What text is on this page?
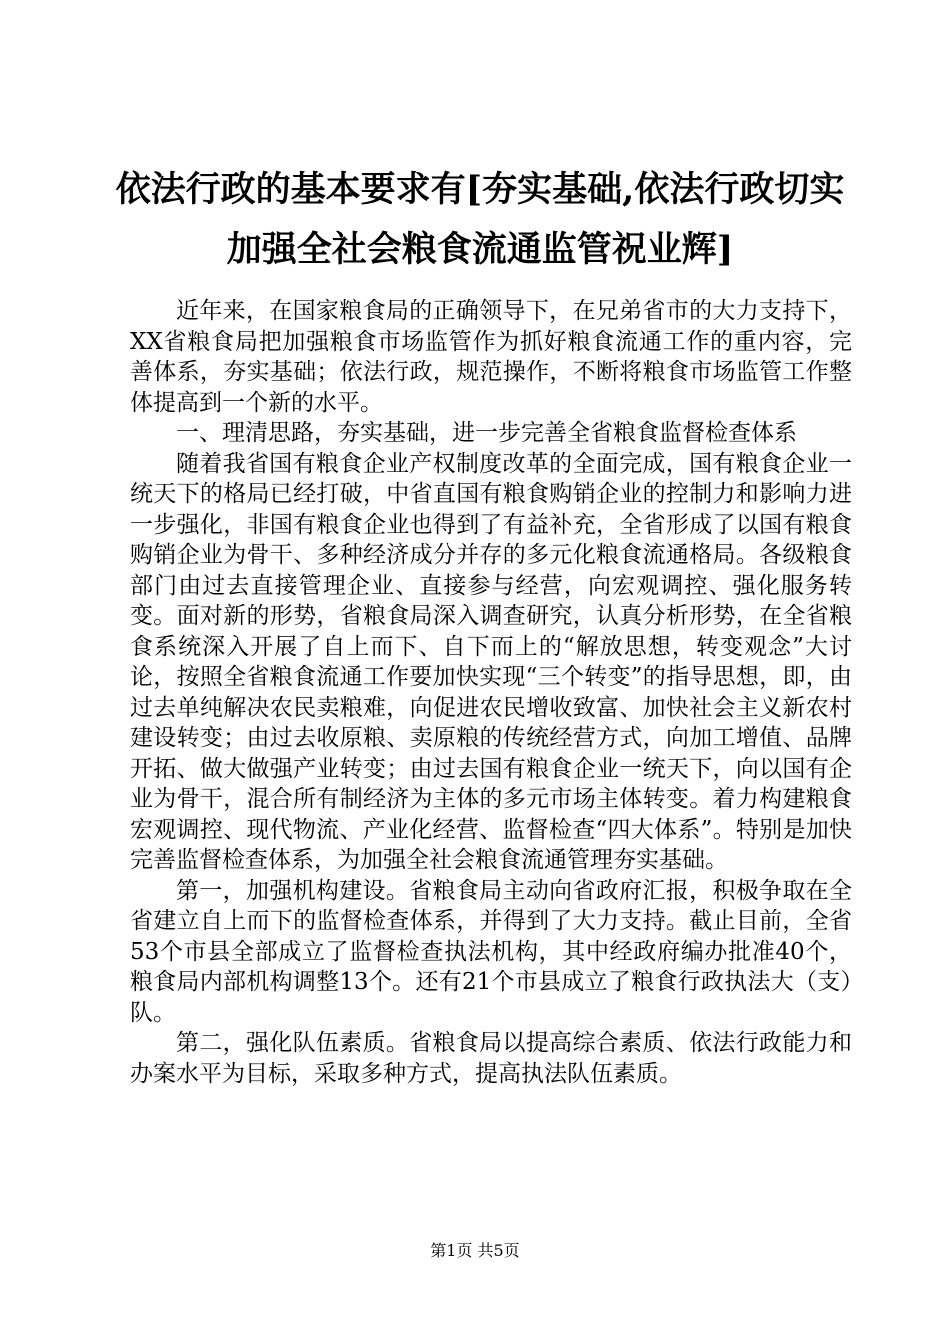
依法行政的基本要求有[夯实基础,依法行政切实加强全社会粮食流通监管祝业辉]

近年来，在国家粮食局的正确领导下，在兄弟省市的大力支持下，XX省粮食局把加强粮食市场监管作为抓好粮食流通工作的重内容，完善体系，夯实基础；依法行政，规范操作，不断将粮食市场监管工作整体提高到一个新的水平。

一、理清思路，夯实基础，进一步完善全省粮食监督检查体系

随着我省国有粮食企业产权制度改革的全面完成，国有粮食企业一统天下的格局已经打破，中省直国有粮食购销企业的控制力和影响力进一步强化，非国有粮食企业也得到了有益补充，全省形成了以国有粮食购销企业为骨干、多种经济成分并存的多元化粮食流通格局。各级粮食部门由过去直接管理企业、直接参与经营，向宏观调控、强化服务转变。面对新的形势，省粮食局深入调查研究，认真分析形势，在全省粮食系统深入开展了自上而下、自下而上的“解放思想，转变观念”大讨论，按照全省粮食流通工作要加快实现“三个转变”的指导思想，即，由过去单纯解决农民卖粮难，向促进农民增收致富、加快社会主义新农村建设转变；由过去收原粮、卖原粮的传统经营方式，向加工增值、品牌开拓、做大做强产业转变；由过去国有粮食企业一统天下，向以国有企业为骨干，混合所有制经济为主体的多元市场主体转变。着力构建粮食宏观调控、现代物流、产业化经营、监督检查“四大体系”。特别是加快完善监督检查体系，为加强全社会粮食流通管理夯实基础。

第一，加强机构建设。省粮食局主动向省政府汇报，积极争取在全省建立自上而下的监督检查体系，并得到了大力支持。截止目前，全省53个市县全部成立了监督检查执法机构，其中经政府编办批准40个，粮食局内部机构调整13个。还有21个市县成立了粮食行政执法大（支）队。

第二，强化队伍素质。省粮食局以提高综合素质、依法行政能力和办案水平为目标，采取多种方式，提高执法队伍素质。

第1页 共5页
